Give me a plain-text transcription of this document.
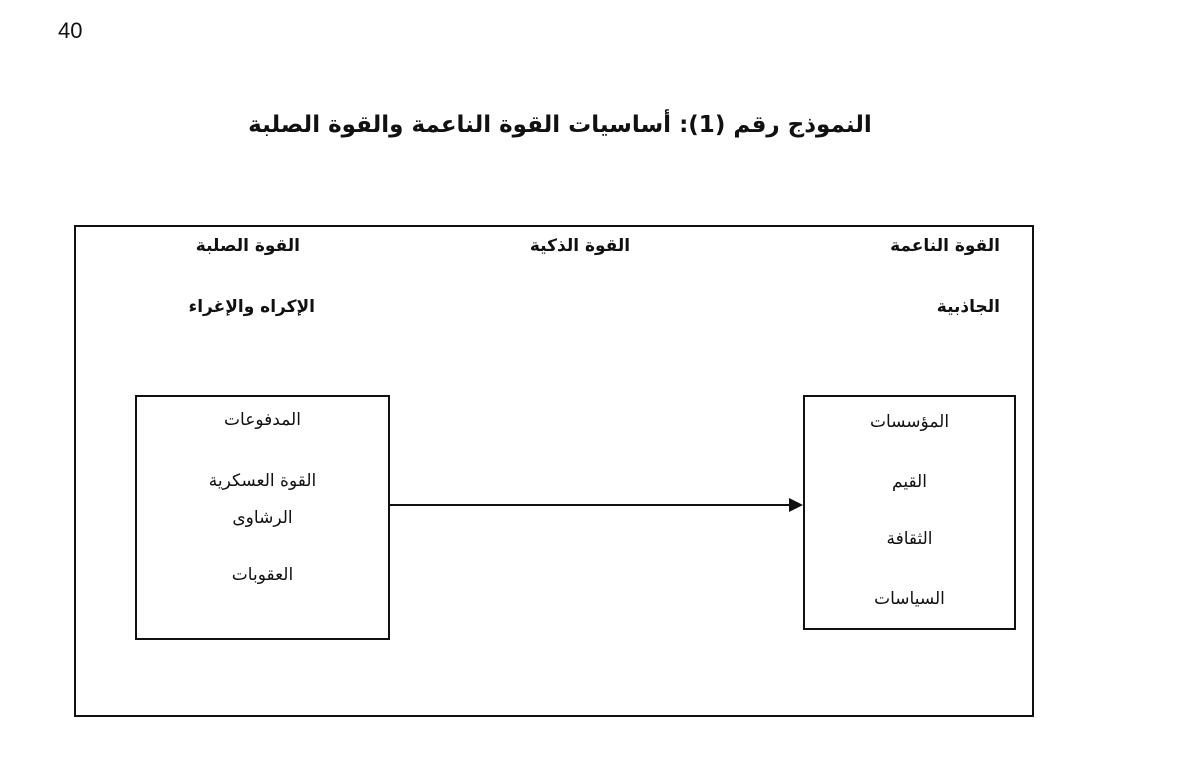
40
النموذج رقم (1): أساسيات القوة الناعمة والقوة الصلبة
القوة الناعمة
القوة الذكية
القوة الصلبة
الجاذبية
الإكراه والإغراء
المدفوعات
القوة العسكرية
الرشاوى
العقوبات
المؤسسات
القيم
الثقافة
السياسات
